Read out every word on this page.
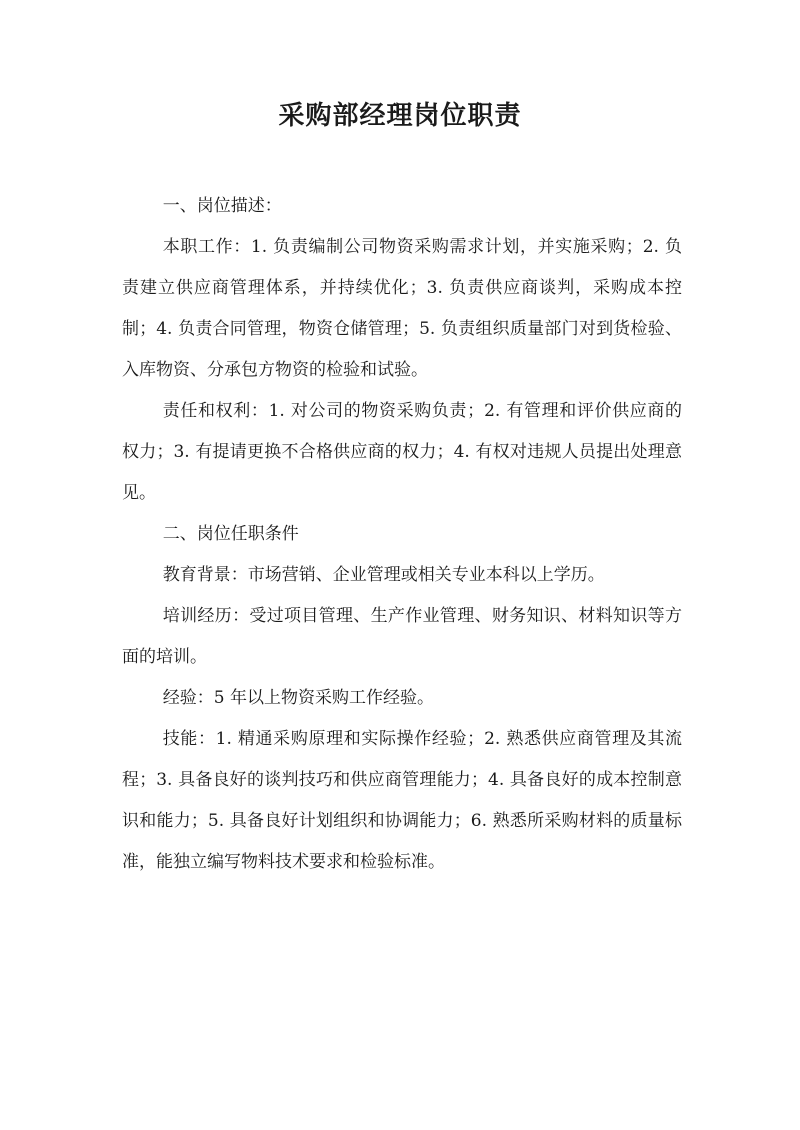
采购部经理岗位职责

一、岗位描述：

本职工作：1. 负责编制公司物资采购需求计划，并实施采购；2. 负责建立供应商管理体系，并持续优化；3. 负责供应商谈判，采购成本控制；4. 负责合同管理，物资仓储管理；5. 负责组织质量部门对到货检验、入库物资、分承包方物资的检验和试验。

责任和权利：1. 对公司的物资采购负责；2. 有管理和评价供应商的权力；3. 有提请更换不合格供应商的权力；4. 有权对违规人员提出处理意见。

二、岗位任职条件

教育背景：市场营销、企业管理或相关专业本科以上学历。

培训经历：受过项目管理、生产作业管理、财务知识、材料知识等方面的培训。

经验：5 年以上物资采购工作经验。

技能：1. 精通采购原理和实际操作经验；2. 熟悉供应商管理及其流程；3. 具备良好的谈判技巧和供应商管理能力；4. 具备良好的成本控制意识和能力；5. 具备良好计划组织和协调能力；6. 熟悉所采购材料的质量标准，能独立编写物料技术要求和检验标准。
